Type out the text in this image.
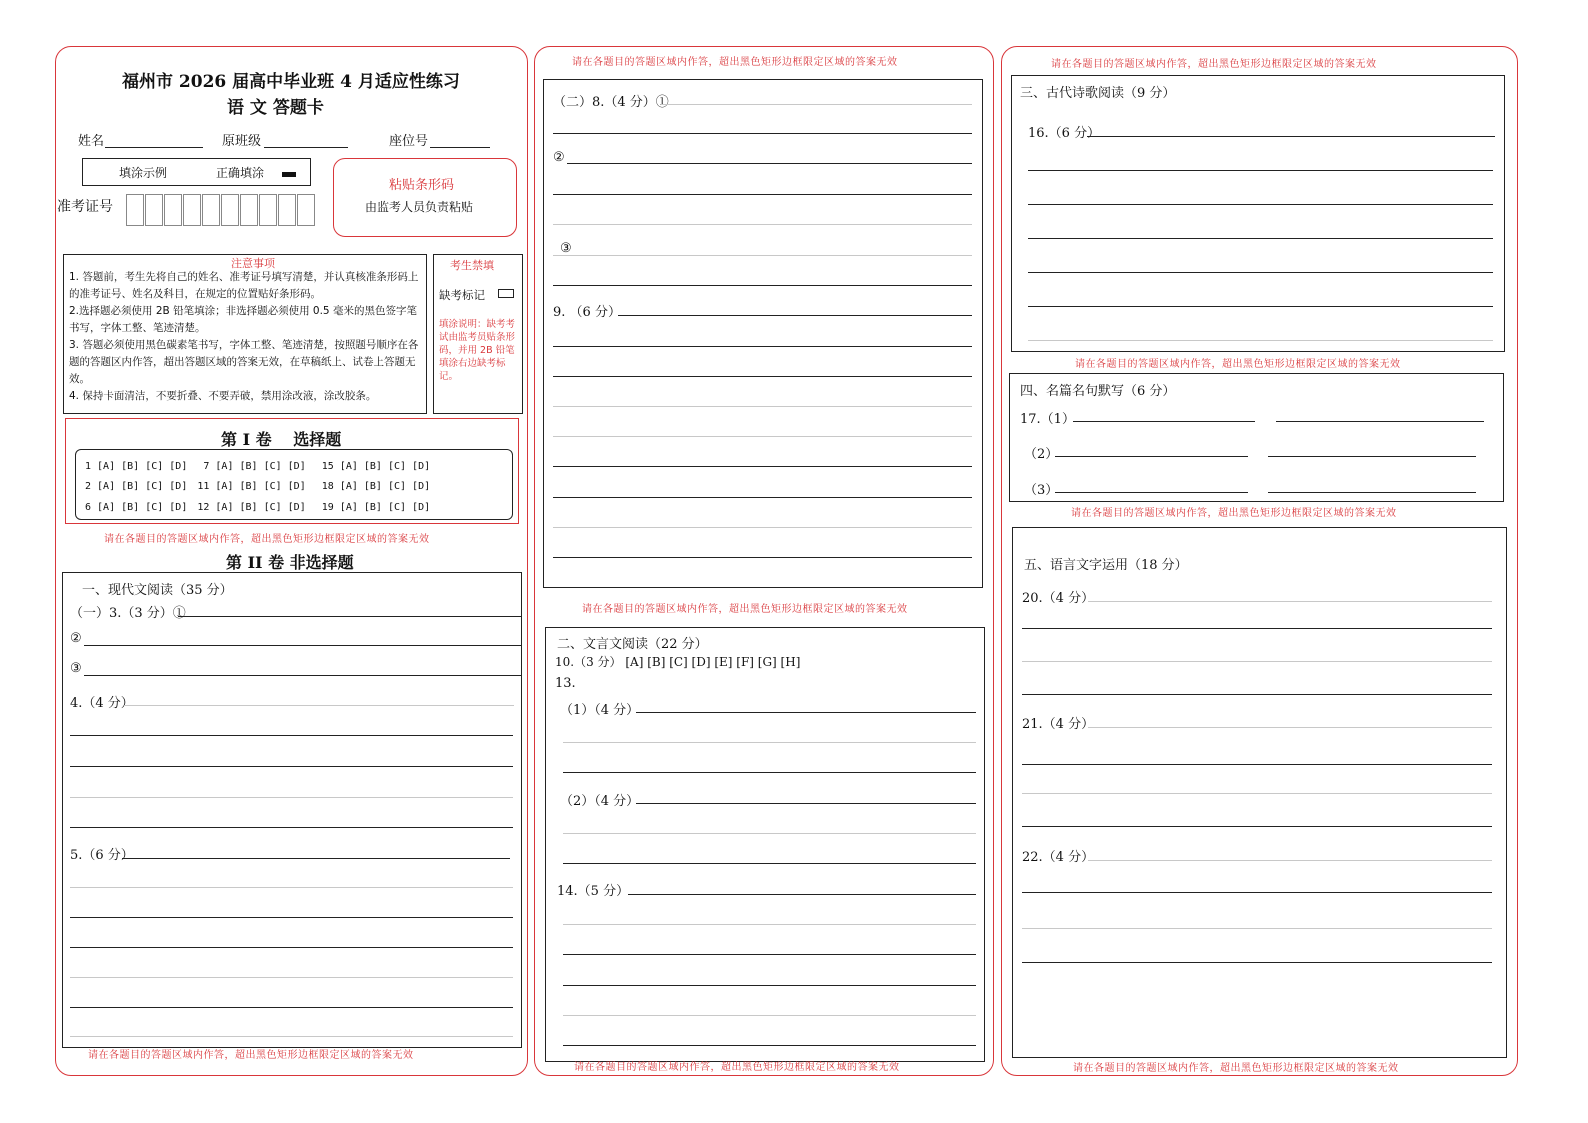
福州市 2026 届高中毕业班 4 月适应性练习
语 文 答题卡
姓名	原班级	座位号
填涂示例	正确填涂
准考证号
粘贴条形码
由监考人员负责粘贴
注意事项
1. 答题前，考生先将自己的姓名、准考证号填写清楚，并认真核准条形码上的准考证号、姓名及科目，在规定的位置贴好条形码。
2.选择题必须使用 2B 铅笔填涂；非选择题必须使用 0.5 毫米的黑色签字笔书写，字体工整、笔迹清楚。
3. 答题必须使用黑色碳素笔书写，字体工整、笔迹清楚，按照题号顺序在各题的答题区内作答，超出答题区域的答案无效，在草稿纸上、试卷上答题无效。
4. 保持卡面清洁，不要折叠、不要弄破，禁用涂改液，涂改胶条。
考生禁填
缺考标记
填涂说明：缺考考试由监考员贴条形码，并用 2B 铅笔填涂右边缺考标记。
第 I 卷　 选择题
1 [A] [B] [C] [D]　 7 [A] [B] [C] [D]　 15 [A] [B] [C] [D]
2 [A] [B] [C] [D]　11 [A] [B] [C] [D]　 18 [A] [B] [C] [D]
6 [A] [B] [C] [D]　12 [A] [B] [C] [D]　 19 [A] [B] [C] [D]
请在各题目的答题区域内作答，超出黑色矩形边框限定区域的答案无效
第 II 卷 非选择题
一、现代文阅读（35 分）
（一）3.（3 分）①
②
③
4.（4 分）
5.（6 分）
请在各题目的答题区域内作答，超出黑色矩形边框限定区域的答案无效
请在各题目的答题区域内作答，超出黑色矩形边框限定区域的答案无效
（二）8.（4 分）①
②
③
9. （6 分）
请在各题目的答题区域内作答，超出黑色矩形边框限定区域的答案无效
二、文言文阅读（22 分）
10.（3 分） [A] [B] [C] [D] [E] [F] [G] [H]
13.
（1）（4 分）
（2）（4 分）
14.（5 分）
请在各题目的答题区域内作答，超出黑色矩形边框限定区域的答案无效
请在各题目的答题区域内作答，超出黑色矩形边框限定区域的答案无效
三、古代诗歌阅读（9 分）
16.（6 分）
请在各题目的答题区域内作答，超出黑色矩形边框限定区域的答案无效
四、名篇名句默写（6 分）
17.（1）
（2）
（3）
请在各题目的答题区域内作答，超出黑色矩形边框限定区域的答案无效
五、语言文字运用（18 分）
20.（4 分）
21.（4 分）
22.（4 分）
请在各题目的答题区域内作答，超出黑色矩形边框限定区域的答案无效
